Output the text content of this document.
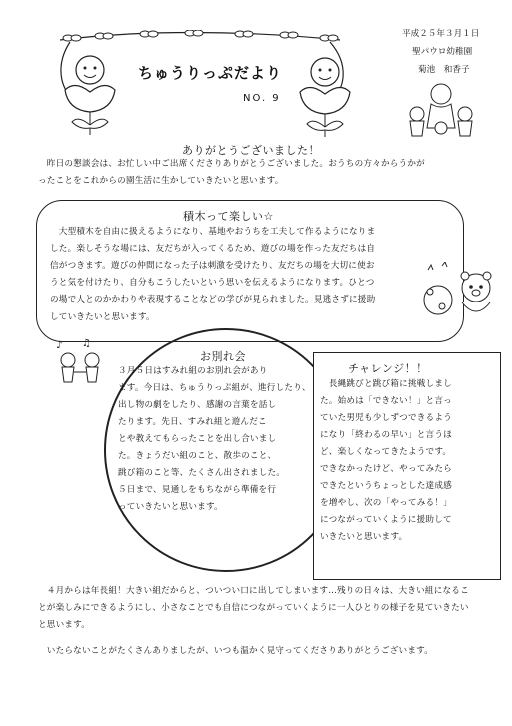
ちゅうりっぷだより
NO. 9
平成２５年３月１日
聖パウロ幼稚園
菊池　和香子
ありがとうございました！
　昨日の懇談会は、お忙しい中ご出席くださりありがとうございました。おうちの方々からうかが
ったことをこれからの園生活に生かしていきたいと思います。
積木って楽しい☆
　大型積木を自由に扱えるようになり、基地やおうちを工夫して作るようになりま
した。楽しそうな場には、友だちが入ってくるため、遊びの場を作った友だちは自
信がつきます。遊びの仲間になった子は刺激を受けたり、友だちの場を大切に使お
うと気を付けたり、自分もこうしたいという思いを伝えるようになります。ひとつ
の場で人とのかかわりや表現することなどの学びが見られました。見逃さずに援助
していきたいと思います。
♪ ♫
お別れ会
３月５日はすみれ組のお別れ会があり
ます。今日は、ちゅうりっぷ組が、進行したり、
出し物の劇をしたり、感謝の言葉を話し
たります。先日、すみれ組と遊んだこ
とや教えてもらったことを出し合いまし
た。きょうだい組のこと、散歩のこと、
跳び箱のこと等、たくさん出されました。
５日まで、見通しをもちながら準備を行
っていきたいと思います。
チャレンジ！！
　長縄跳びと跳び箱に挑戦しまし
た。始めは「できない！」と言っ
ていた男児も少しずつできるよう
になり「終わるの早い」と言うほ
ど、楽しくなってきたようです。
できなかったけど、やってみたら
できたというちょっとした達成感
を増やし、次の「やってみる！」
につながっていくように援助して
いきたいと思います。
　４月からは年長組！大きい組だからと、ついつい口に出してしまいます…残りの日々は、大きい組になるこ
とが楽しみにできるようにし、小さなことでも自信につながっていくように一人ひとりの様子を見ていきたい
と思います。
　いたらないことがたくさんありましたが、いつも温かく見守ってくださりありがとうございます。
